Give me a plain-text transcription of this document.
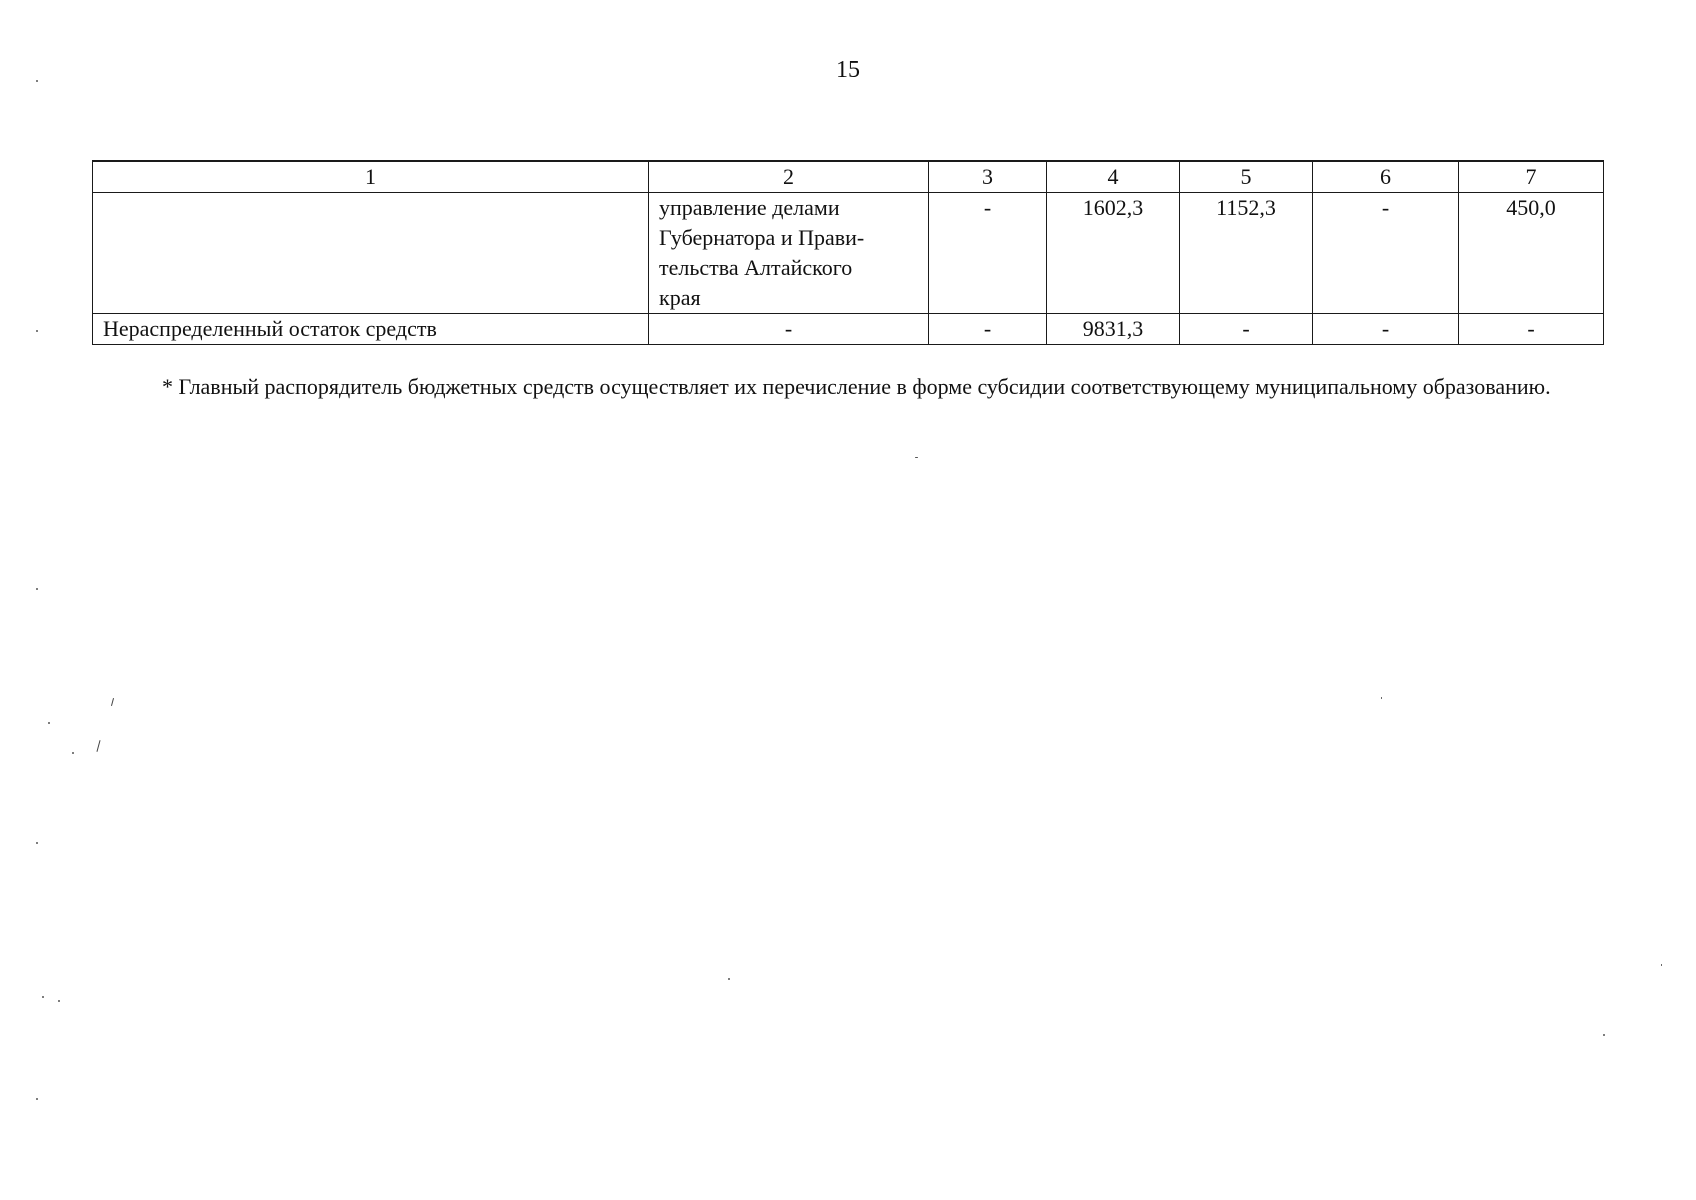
15
1	2	3	4	5	6	7

	управление делами
Губернатора и Прави-
тельства Алтайского
края	-	1602,3	1152,3	-	450,0
Нераспределенный остаток средств	-	-	9831,3	-	-	-

* Главный распорядитель бюджетных средств осуществляет их перечисление в форме субсидии соответствующему муниципальному образованию.
